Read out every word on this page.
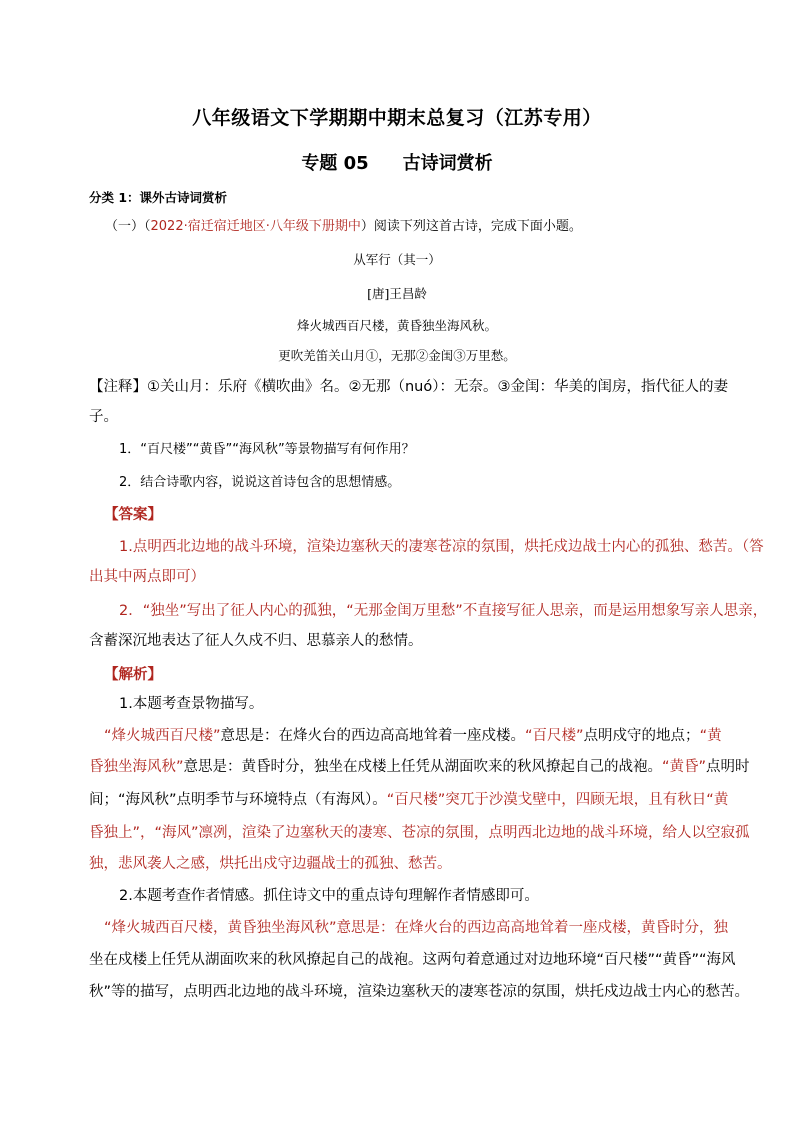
八年级语文下学期期中期末总复习（江苏专用）
专题 05 古诗词赏析
分类 1：课外古诗词赏析
（一）（2022·宿迁宿迁地区·八年级下册期中）阅读下列这首古诗，完成下面小题。
从军行（其一）
[唐]王昌龄
烽火城西百尺楼，黄昏独坐海风秋。
更吹羌笛关山月①，无那②金闺③万里愁。
【注释】①关山月：乐府《横吹曲》名。②无那（nuó）：无奈。③金闺：华美的闺房，指代征人的妻
子。
1．“百尺楼”“黄昏”“海风秋”等景物描写有何作用？
2．结合诗歌内容，说说这首诗包含的思想情感。
【答案】
1.点明西北边地的战斗环境，渲染边塞秋天的凄寒苍凉的氛围，烘托戍边战士内心的孤独、愁苦。（答
出其中两点即可）
2．“独坐”写出了征人内心的孤独，“无那金闺万里愁”不直接写征人思亲，而是运用想象写亲人思亲，
含蓄深沉地表达了征人久戍不归、思慕亲人的愁情。
【解析】
1.本题考查景物描写。
“烽火城西百尺楼”意思是：在烽火台的西边高高地耸着一座戍楼。“百尺楼”点明戍守的地点；“黄
昏独坐海风秋”意思是：黄昏时分，独坐在戍楼上任凭从湖面吹来的秋风撩起自己的战袍。“黄昏”点明时
间；“海风秋”点明季节与环境特点（有海风）。“百尺楼”突兀于沙漠戈壁中，四顾无垠，且有秋日“黄
昏独上”，“海风”凛冽，渲染了边塞秋天的凄寒、苍凉的氛围，点明西北边地的战斗环境，给人以空寂孤
独，悲风袭人之感，烘托出戍守边疆战士的孤独、愁苦。
2.本题考查作者情感。抓住诗文中的重点诗句理解作者情感即可。
“烽火城西百尺楼，黄昏独坐海风秋”意思是：在烽火台的西边高高地耸着一座戍楼，黄昏时分，独
坐在戍楼上任凭从湖面吹来的秋风撩起自己的战袍。这两句着意通过对边地环境“百尺楼”“黄昏”“海风
秋”等的描写，点明西北边地的战斗环境，渲染边塞秋天的凄寒苍凉的氛围，烘托戍边战士内心的愁苦。
